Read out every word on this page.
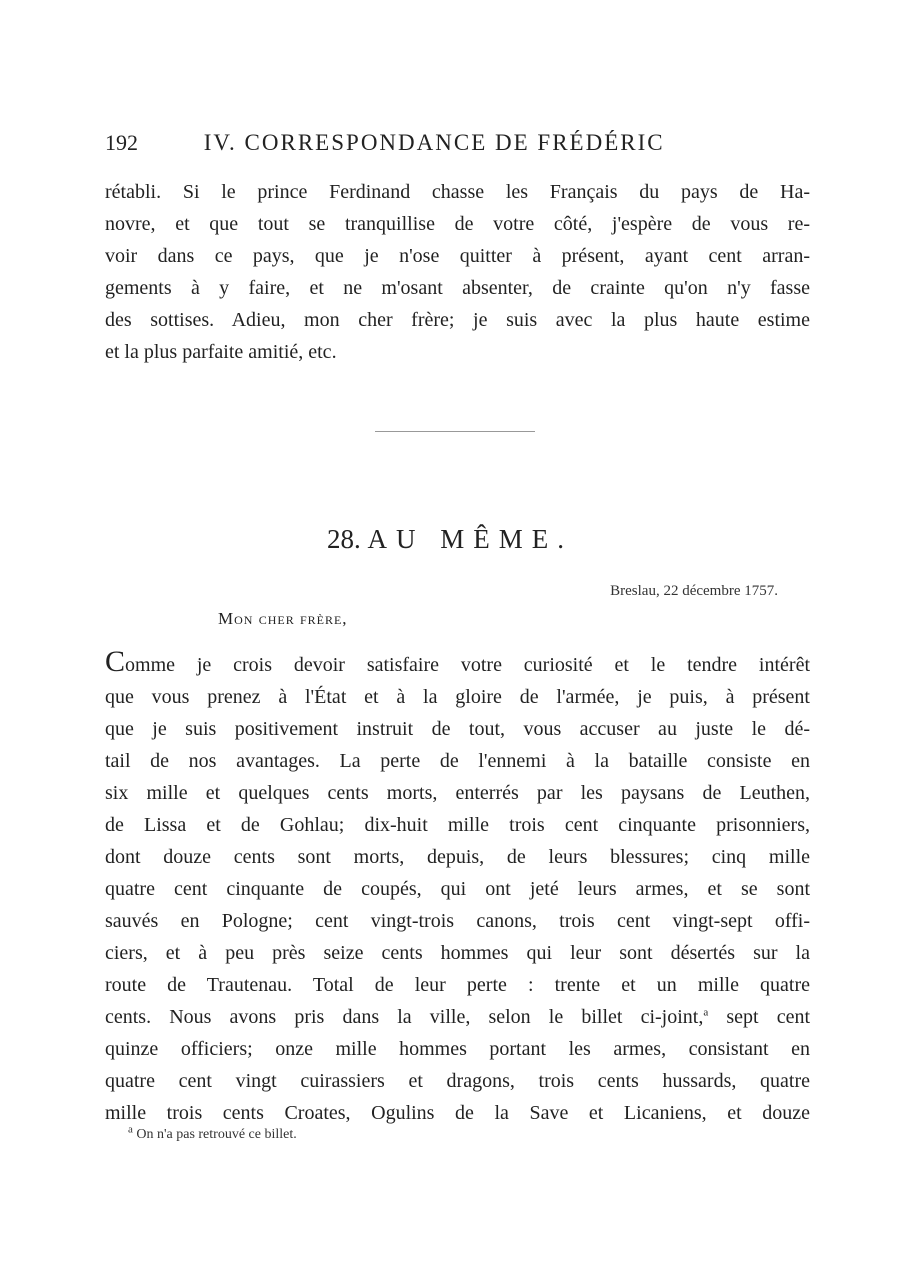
192	IV. CORRESPONDANCE DE FRÉDÉRIC
rétabli. Si le prince Ferdinand chasse les Français du pays de Ha-
novre, et que tout se tranquillise de votre côté, j'espère de vous re-
voir dans ce pays, que je n'ose quitter à présent, ayant cent arran-
gements à y faire, et ne m'osant absenter, de crainte qu'on n'y fasse
des sottises. Adieu, mon cher frère; je suis avec la plus haute estime
et la plus parfaite amitié, etc.
28. AU MÊME.
Breslau, 22 décembre 1757.
Mon cher frère,
Comme je crois devoir satisfaire votre curiosité et le tendre intérêt
que vous prenez à l'État et à la gloire de l'armée, je puis, à présent
que je suis positivement instruit de tout, vous accuser au juste le dé-
tail de nos avantages. La perte de l'ennemi à la bataille consiste en
six mille et quelques cents morts, enterrés par les paysans de Leuthen,
de Lissa et de Gohlau; dix-huit mille trois cent cinquante prisonniers,
dont douze cents sont morts, depuis, de leurs blessures; cinq mille
quatre cent cinquante de coupés, qui ont jeté leurs armes, et se sont
sauvés en Pologne; cent vingt-trois canons, trois cent vingt-sept offi-
ciers, et à peu près seize cents hommes qui leur sont désertés sur la
route de Trautenau. Total de leur perte : trente et un mille quatre
cents. Nous avons pris dans la ville, selon le billet ci-joint,$^a$ sept cent
quinze officiers; onze mille hommes portant les armes, consistant en
quatre cent vingt cuirassiers et dragons, trois cents hussards, quatre
mille trois cents Croates, Ogulins de la Save et Licaniens, et douze
$^a$ On n'a pas retrouvé ce billet.
